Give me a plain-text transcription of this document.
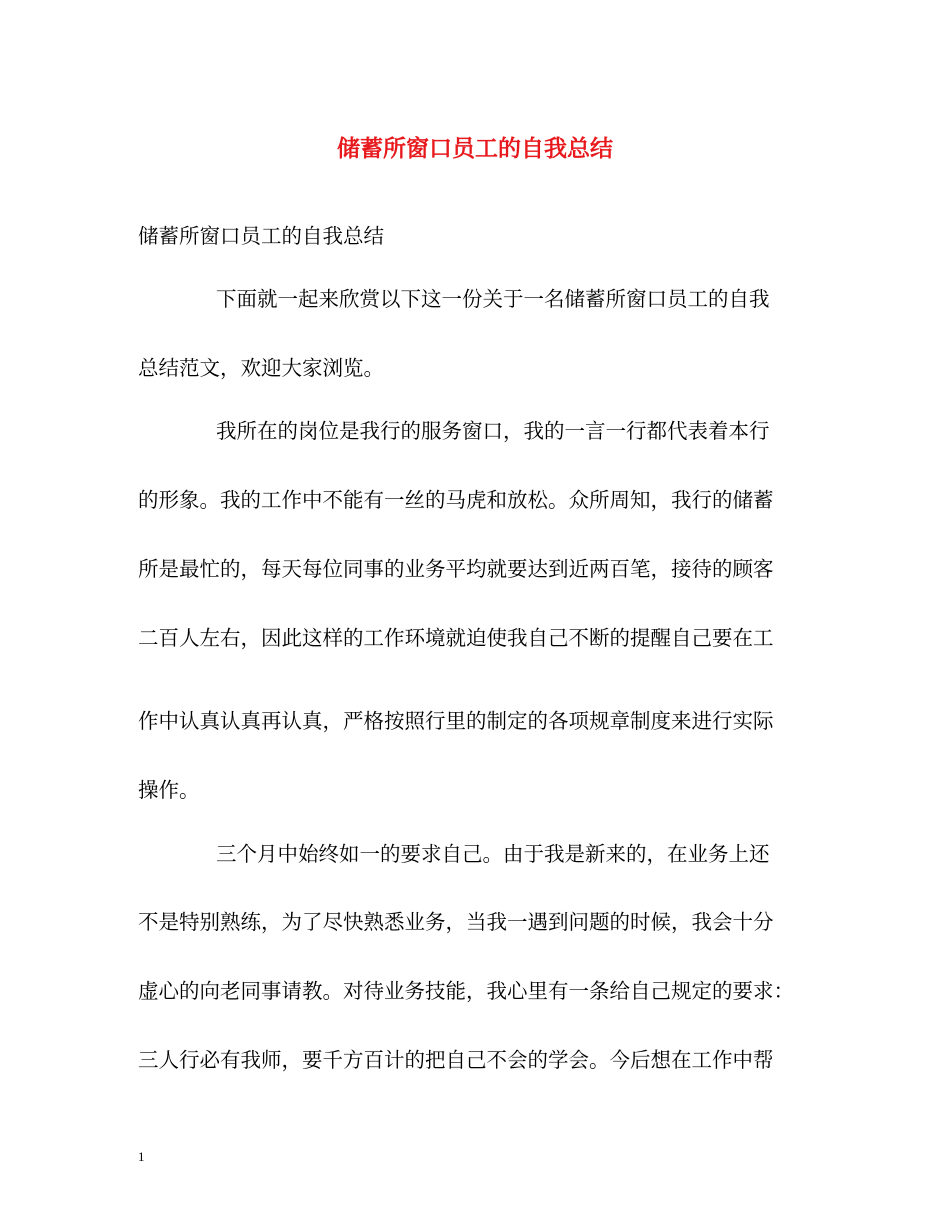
储蓄所窗口员工的自我总结
储蓄所窗口员工的自我总结
下面就一起来欣赏以下这一份关于一名储蓄所窗口员工的自我
总结范文，欢迎大家浏览。
我所在的岗位是我行的服务窗口，我的一言一行都代表着本行
的形象。我的工作中不能有一丝的马虎和放松。众所周知，我行的储蓄
所是最忙的，每天每位同事的业务平均就要达到近两百笔，接待的顾客
二百人左右，因此这样的工作环境就迫使我自己不断的提醒自己要在工
作中认真认真再认真，严格按照行里的制定的各项规章制度来进行实际
操作。
三个月中始终如一的要求自己。由于我是新来的，在业务上还
不是特别熟练，为了尽快熟悉业务，当我一遇到问题的时候，我会十分
虚心的向老同事请教。对待业务技能，我心里有一条给自己规定的要求：
三人行必有我师，要千方百计的把自己不会的学会。今后想在工作中帮
1
